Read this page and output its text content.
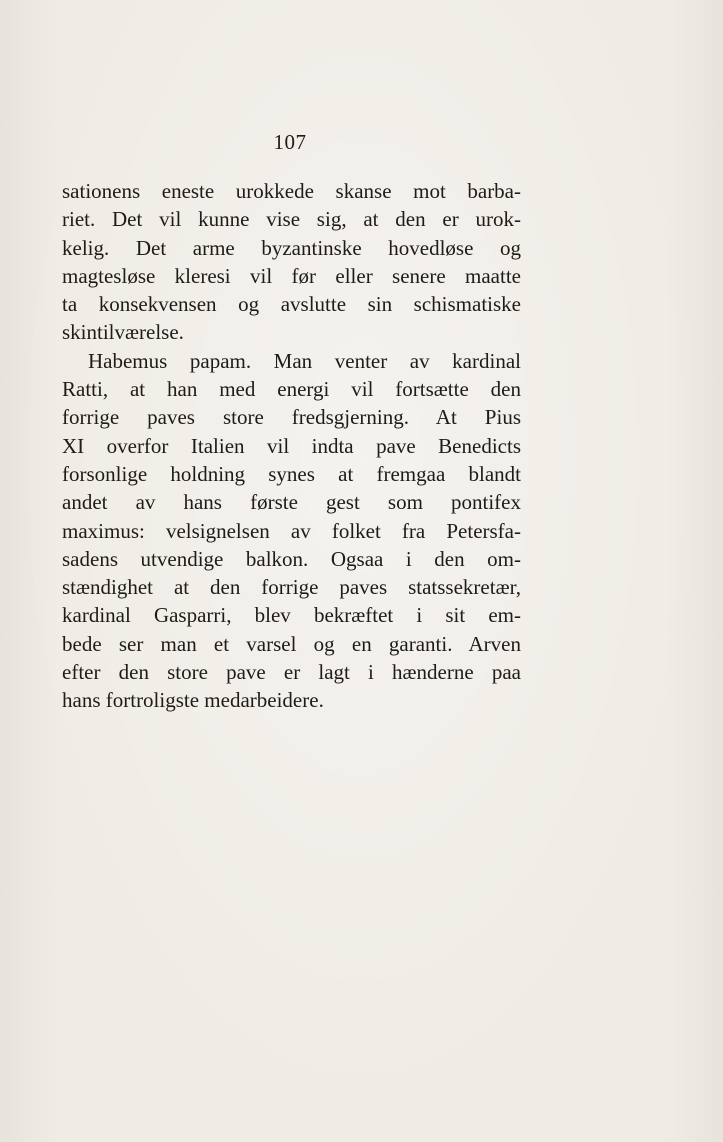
107
sationens eneste urokkede skanse mot barba-
riet. Det vil kunne vise sig, at den er urok-
kelig. Det arme byzantinske hovedløse og
magtesløse kleresi vil før eller senere maatte
ta konsekvensen og avslutte sin schismatiske
skintilværelse.
Habemus papam. Man venter av kardinal
Ratti, at han med energi vil fortsætte den
forrige paves store fredsgjerning. At Pius
XI overfor Italien vil indta pave Benedicts
forsonlige holdning synes at fremgaa blandt
andet av hans første gest som pontifex
maximus: velsignelsen av folket fra Petersfa-
sadens utvendige balkon. Ogsaa i den om-
stændighet at den forrige paves statssekretær,
kardinal Gasparri, blev bekræftet i sit em-
bede ser man et varsel og en garanti. Arven
efter den store pave er lagt i hænderne paa
hans fortroligste medarbeidere.
